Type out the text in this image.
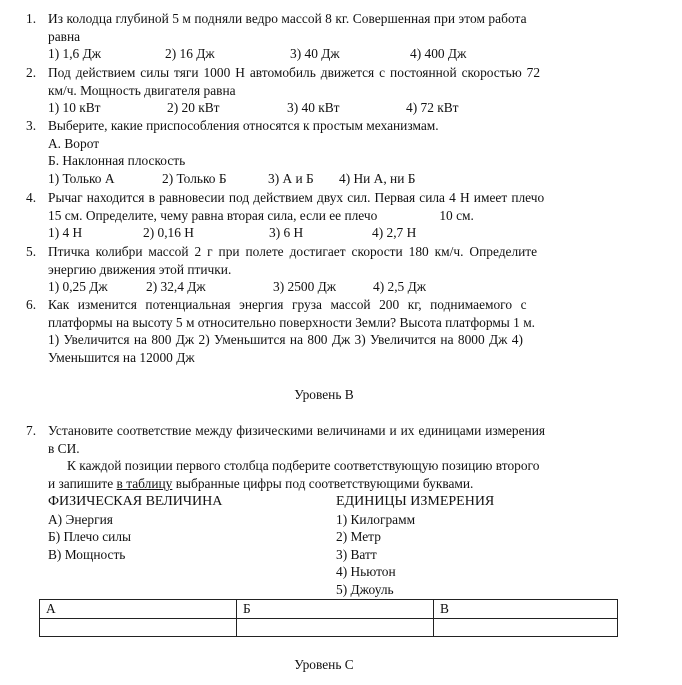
1. Из колодца глубиной 5 м подняли ведро массой 8 кг. Совершенная при этом работа
равна
1) 1,6 Дж	2) 16 Дж	3) 40 Дж	4) 400 Дж
2. Под действием силы тяги 1000 Н автомобиль движется с постоянной скоростью 72
км/ч. Мощность двигателя равна
1) 10 кВт	2) 20 кВт	3) 40 кВт	4) 72 кВт
3. Выберите, какие приспособления относятся к простым механизмам.
А. Ворот
Б. Наклонная плоскость
1) Только А	2) Только Б	3) А и Б 4) Ни А, ни Б
4. Рычаг находится в равновесии под действием двух сил. Первая сила 4 Н имеет плечо
15 см. Определите, чему равна вторая сила, если ее плечо	10 см.
1) 4 Н	2) 0,16 Н	3) 6 Н	4) 2,7 Н
5. Птичка колибри массой 2 г при полете достигает скорости 180 км/ч. Определите
энергию движения этой птички.
1) 0,25 Дж	2) 32,4 Дж	3) 2500 Дж	4) 2,5 Дж
6. Как изменится потенциальная энергия груза массой 200 кг, поднимаемого с
платформы на высоту 5 м относительно поверхности Земли? Высота платформы 1 м.
1) Увеличится на 800 Дж 2) Уменьшится на 800 Дж 3) Увеличится на 8000 Дж 4)
Уменьшится на 12000 Дж
Уровень В
7. Установите соответствие между физическими величинами и их единицами измерения
в СИ.
К каждой позиции первого столбца подберите соответствующую позицию второго
и запишите в таблицу выбранные цифры под соответствующими буквами.
ФИЗИЧЕСКАЯ ВЕЛИЧИНА
А) Энергия
Б) Плечо силы
В) Мощность
ЕДИНИЦЫ ИЗМЕРЕНИЯ
1) Килограмм
2) Метр
3) Ватт
4) Ньютон
5) Джоуль
А	Б	В

Уровень С
